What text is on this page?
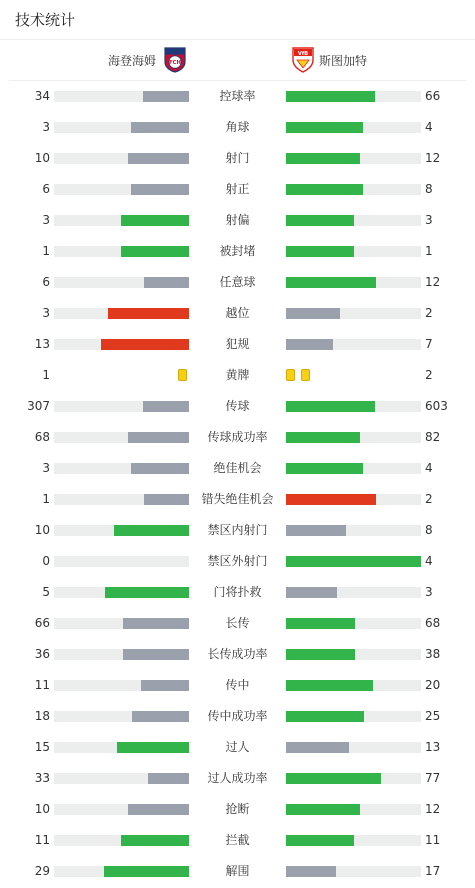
技术统计
海登海姆	FCH
VfB 斯图加特
34	控球率	66
3	角球	4
10	射门	12
6	射正	8
3	射偏	3
1	被封堵	1
6	任意球	12
3	越位	2
13	犯规	7
1	黄牌	2
307	传球	603
68	传球成功率	82
3	绝佳机会	4
1	错失绝佳机会	2
10	禁区内射门	8
0	禁区外射门	4
5	门将扑救	3
66	长传	68
36	长传成功率	38
11	传中	20
18	传中成功率	25
15	过人	13
33	过人成功率	77
10	抢断	12
11	拦截	11
29	解围	17
